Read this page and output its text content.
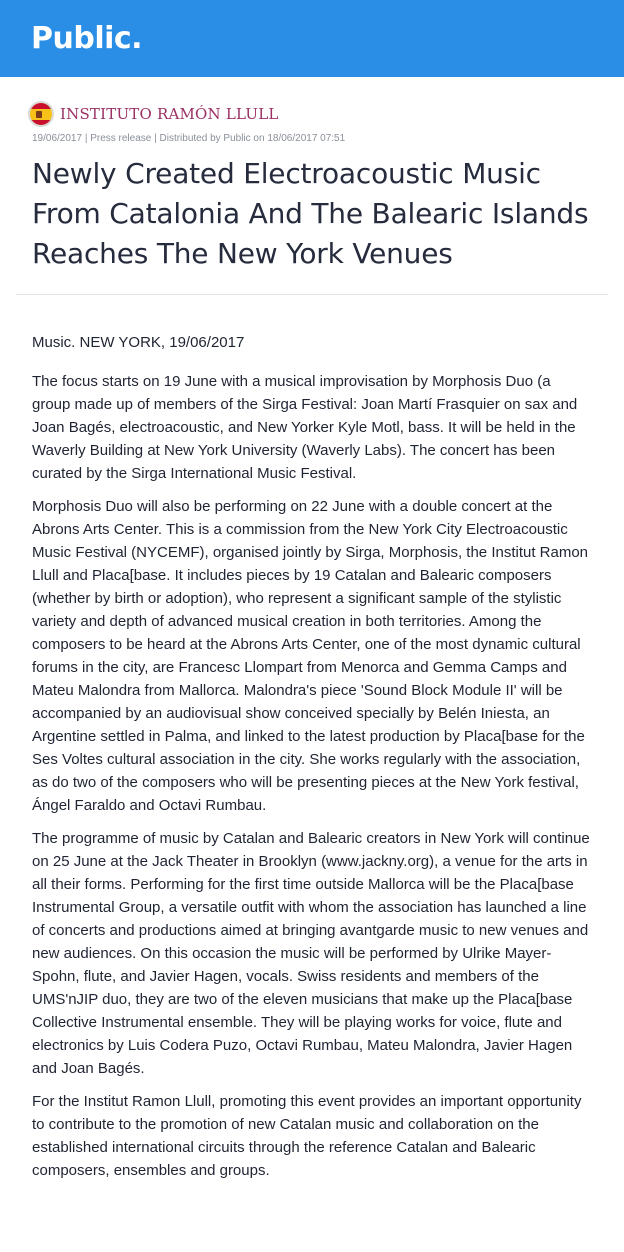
Public.
INSTITUTO RAMÓN LLULL
19/06/2017 | Press release | Distributed by Public on 18/06/2017 07:51
Newly Created Electroacoustic Music From Catalonia And The Balearic Islands Reaches The New York Venues

Music. NEW YORK, 19/06/2017

The focus starts on 19 June with a musical improvisation by Morphosis Duo (a group made up of members of the Sirga Festival: Joan Martí Frasquier on sax and Joan Bagés, electroacoustic, and New Yorker Kyle Motl, bass. It will be held in the Waverly Building at New York University (Waverly Labs). The concert has been curated by the Sirga International Music Festival.

Morphosis Duo will also be performing on 22 June with a double concert at the Abrons Arts Center. This is a commission from the New York City Electroacoustic Music Festival (NYCEMF), organised jointly by Sirga, Morphosis, the Institut Ramon Llull and Placa[base. It includes pieces by 19 Catalan and Balearic composers (whether by birth or adoption), who represent a significant sample of the stylistic variety and depth of advanced musical creation in both territories. Among the composers to be heard at the Abrons Arts Center, one of the most dynamic cultural forums in the city, are Francesc Llompart from Menorca and Gemma Camps and Mateu Malondra from Mallorca. Malondra's piece 'Sound Block Module II' will be accompanied by an audiovisual show conceived specially by Belén Iniesta, an Argentine settled in Palma, and linked to the latest production by Placa[base for the Ses Voltes cultural association in the city. She works regularly with the association, as do two of the composers who will be presenting pieces at the New York festival, Ángel Faraldo and Octavi Rumbau.

The programme of music by Catalan and Balearic creators in New York will continue on 25 June at the Jack Theater in Brooklyn (www.jackny.org), a venue for the arts in all their forms. Performing for the first time outside Mallorca will be the Placa[base Instrumental Group, a versatile outfit with whom the association has launched a line of concerts and productions aimed at bringing avantgarde music to new venues and new audiences. On this occasion the music will be performed by Ulrike Mayer-Spohn, flute, and Javier Hagen, vocals. Swiss residents and members of the UMS'nJIP duo, they are two of the eleven musicians that make up the Placa[base Collective Instrumental ensemble. They will be playing works for voice, flute and electronics by Luis Codera Puzo, Octavi Rumbau, Mateu Malondra, Javier Hagen and Joan Bagés.

For the Institut Ramon Llull, promoting this event provides an important opportunity to contribute to the promotion of new Catalan music and collaboration on the established international circuits through the reference Catalan and Balearic composers, ensembles and groups.
